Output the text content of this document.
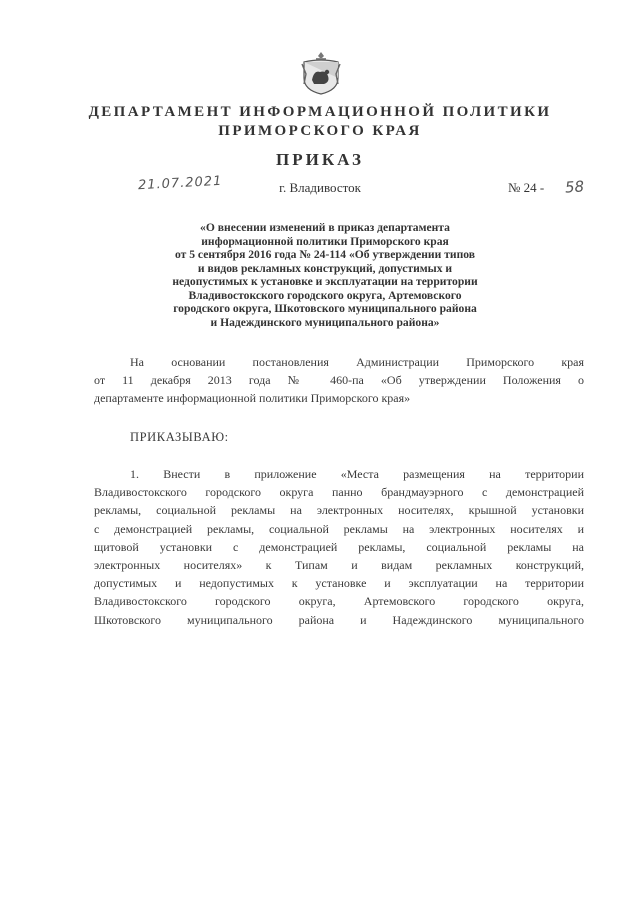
ДЕПАРТАМЕНТ ИНФОРМАЦИОННОЙ ПОЛИТИКИ
ПРИМОРСКОГО КРАЯ
ПРИКАЗ
21.07.2021	г. Владивосток	№ 24 - 58
«О внесении изменений в приказ департамента
информационной политики Приморского края
от 5 сентября 2016 года № 24-114 «Об утверждении типов
и видов рекламных конструкций, допустимых и
недопустимых к установке и эксплуатации на территории
Владивостокского городского округа, Артемовского
городского округа, Шкотовского муниципального района
и Надеждинского муниципального района»
На основании постановления Администрации Приморского края
от 11 декабря 2013 года № 460-па «Об утверждении Положения о
департаменте информационной политики Приморского края»
ПРИКАЗЫВАЮ:
1. Внести в приложение «Места размещения на территории
Владивостокского городского округа панно брандмауэрного с демонстрацией
рекламы, социальной рекламы на электронных носителях, крышной установки
с демонстрацией рекламы, социальной рекламы на электронных носителях и
щитовой установки с демонстрацией рекламы, социальной рекламы на
электронных носителях» к Типам и видам рекламных конструкций,
допустимых и недопустимых к установке и эксплуатации на территории
Владивостокского городского округа, Артемовского городского округа,
Шкотовского муниципального района и Надеждинского муниципального
